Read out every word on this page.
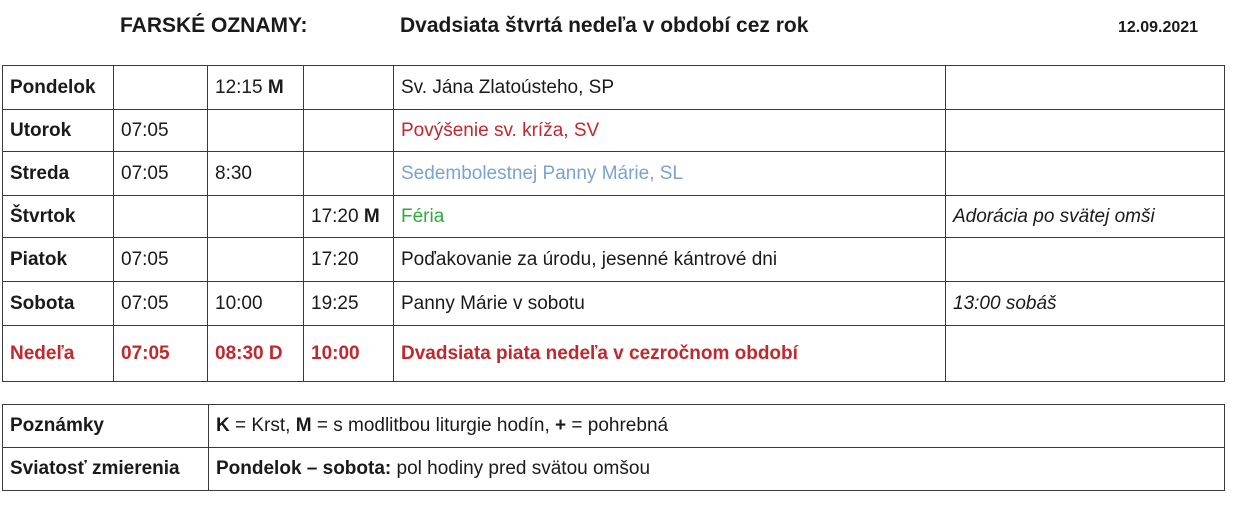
FARSKÉ OZNAMY:	Dvadsiata štvrtá nedeľa v období cez rok	12.09.2021
Pondelok		12:15 M		Sv. Jána Zlatoústeho, SP	
Utorok	07:05			Povýšenie sv. kríža, SV	
Streda	07:05	8:30		Sedembolestnej Panny Márie, SL	
Štvrtok			17:20 M	Féria	Adorácia po svätej omši
Piatok	07:05		17:20	Poďakovanie za úrodu, jesenné kántrové dni	
Sobota	07:05	10:00	19:25	Panny Márie v sobotu	13:00 sobáš
Nedeľa	07:05	08:30 D	10:00	Dvadsiata piata nedeľa v cezročnom období	
Poznámky	K = Krst, M = s modlitbou liturgie hodín, + = pohrebná
Sviatosť zmierenia	Pondelok – sobota: pol hodiny pred svätou omšou
